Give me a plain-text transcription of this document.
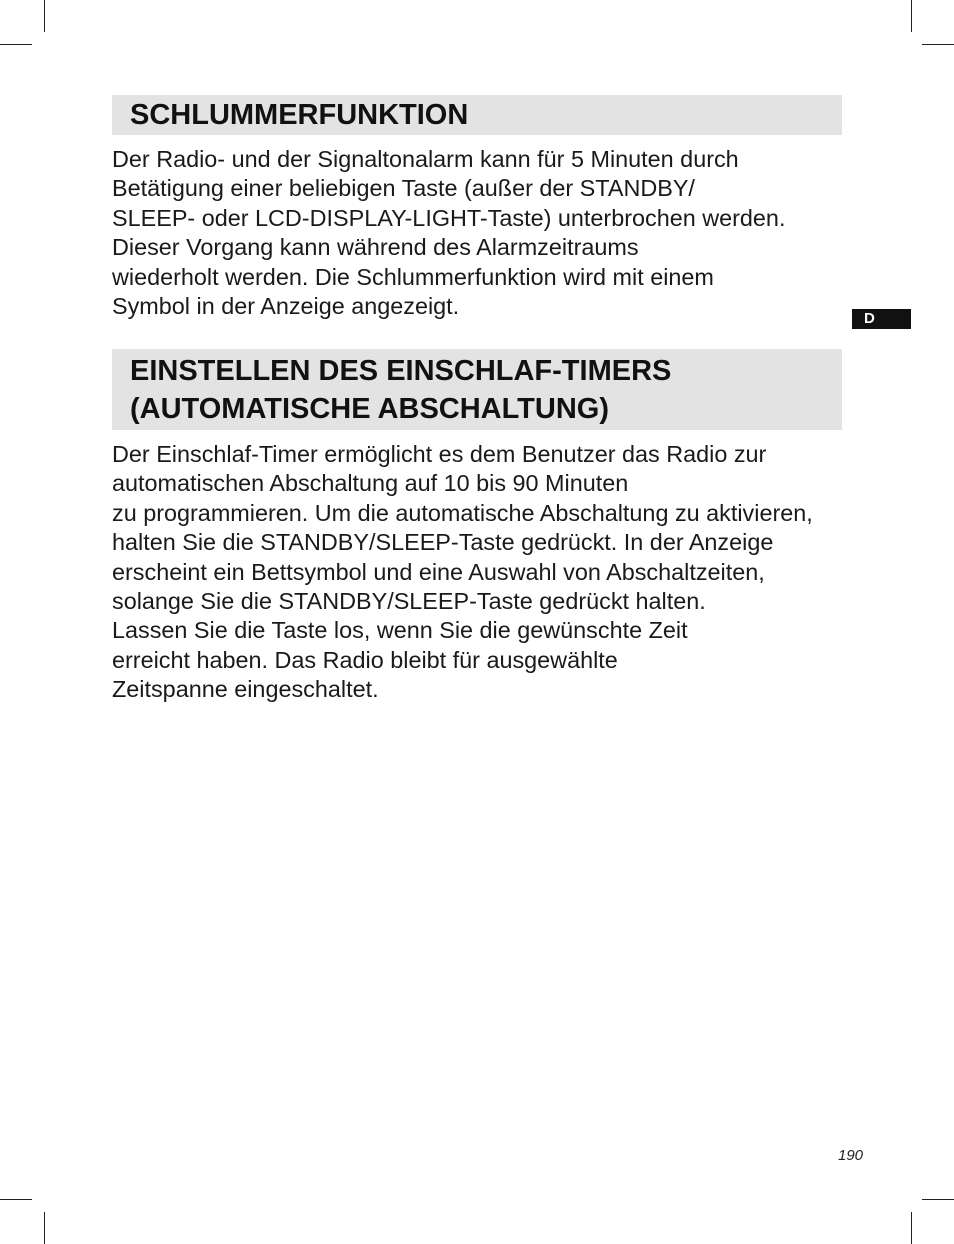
SCHLUMMERFUNKTION
Der Radio- und der Signaltonalarm kann für 5 Minuten durch
Betätigung einer beliebigen Taste (außer der STANDBY/
SLEEP- oder LCD-DISPLAY-LIGHT-Taste) unterbrochen werden.
Dieser Vorgang kann während des Alarmzeitraums
wiederholt werden. Die Schlummerfunktion wird mit einem
Symbol in der Anzeige angezeigt.	D
EINSTELLEN DES EINSCHLAF-TIMERS
(AUTOMATISCHE ABSCHALTUNG)
Der Einschlaf-Timer ermöglicht es dem Benutzer das Radio zur
automatischen Abschaltung auf 10 bis 90 Minuten
zu programmieren. Um die automatische Abschaltung zu aktivieren,
halten Sie die STANDBY/SLEEP-Taste gedrückt. In der Anzeige
erscheint ein Bettsymbol und eine Auswahl von Abschaltzeiten,
solange Sie die STANDBY/SLEEP-Taste gedrückt halten.
Lassen Sie die Taste los, wenn Sie die gewünschte Zeit
erreicht haben. Das Radio bleibt für ausgewählte
Zeitspanne eingeschaltet.
190
